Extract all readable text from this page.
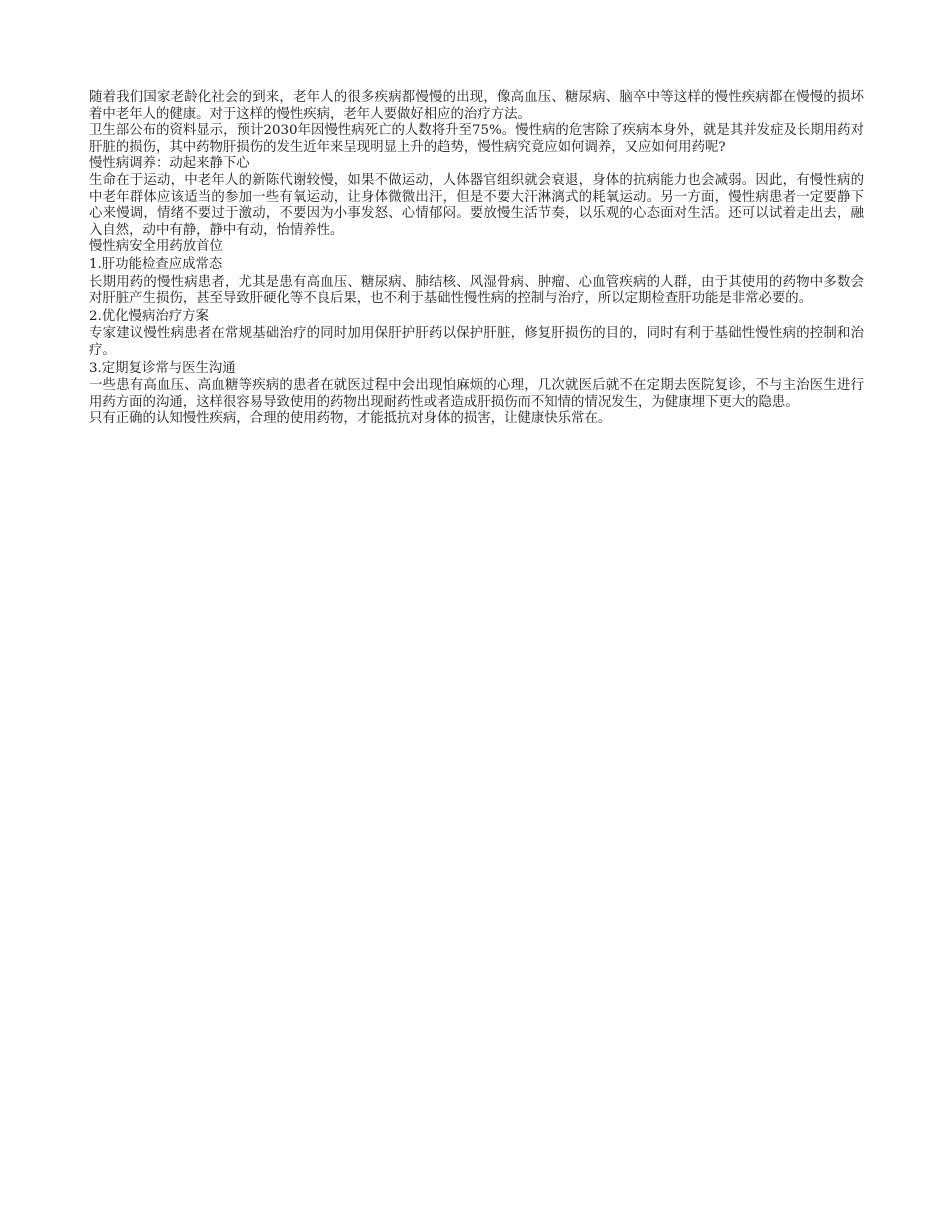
随着我们国家老龄化社会的到来，老年人的很多疾病都慢慢的出现，像高血压、糖尿病、脑卒中等这样的慢性疾病都在慢慢的损坏着中老年人的健康。对于这样的慢性疾病，老年人要做好相应的治疗方法。

卫生部公布的资料显示，预计2030年因慢性病死亡的人数将升至75%。慢性病的危害除了疾病本身外，就是其并发症及长期用药对肝脏的损伤，其中药物肝损伤的发生近年来呈现明显上升的趋势，慢性病究竟应如何调养，又应如何用药呢?

慢性病调养：动起来静下心

生命在于运动，中老年人的新陈代谢较慢，如果不做运动，人体器官组织就会衰退，身体的抗病能力也会减弱。因此，有慢性病的中老年群体应该适当的参加一些有氧运动，让身体微微出汗，但是不要大汗淋漓式的耗氧运动。另一方面，慢性病患者一定要静下心来慢调，情绪不要过于激动，不要因为小事发怒、心情郁闷。要放慢生活节奏，以乐观的心态面对生活。还可以试着走出去，融入自然，动中有静，静中有动，怡情养性。

慢性病安全用药放首位

1.肝功能检查应成常态

长期用药的慢性病患者，尤其是患有高血压、糖尿病、肺结核、风湿骨病、肿瘤、心血管疾病的人群，由于其使用的药物中多数会对肝脏产生损伤，甚至导致肝硬化等不良后果，也不利于基础性慢性病的控制与治疗，所以定期检查肝功能是非常必要的。

2.优化慢病治疗方案

专家建议慢性病患者在常规基础治疗的同时加用保肝护肝药以保护肝脏，修复肝损伤的目的，同时有利于基础性慢性病的控制和治疗。

3.定期复诊常与医生沟通

一些患有高血压、高血糖等疾病的患者在就医过程中会出现怕麻烦的心理，几次就医后就不在定期去医院复诊，不与主治医生进行用药方面的沟通，这样很容易导致使用的药物出现耐药性或者造成肝损伤而不知情的情况发生，为健康埋下更大的隐患。

只有正确的认知慢性疾病，合理的使用药物，才能抵抗对身体的损害，让健康快乐常在。
